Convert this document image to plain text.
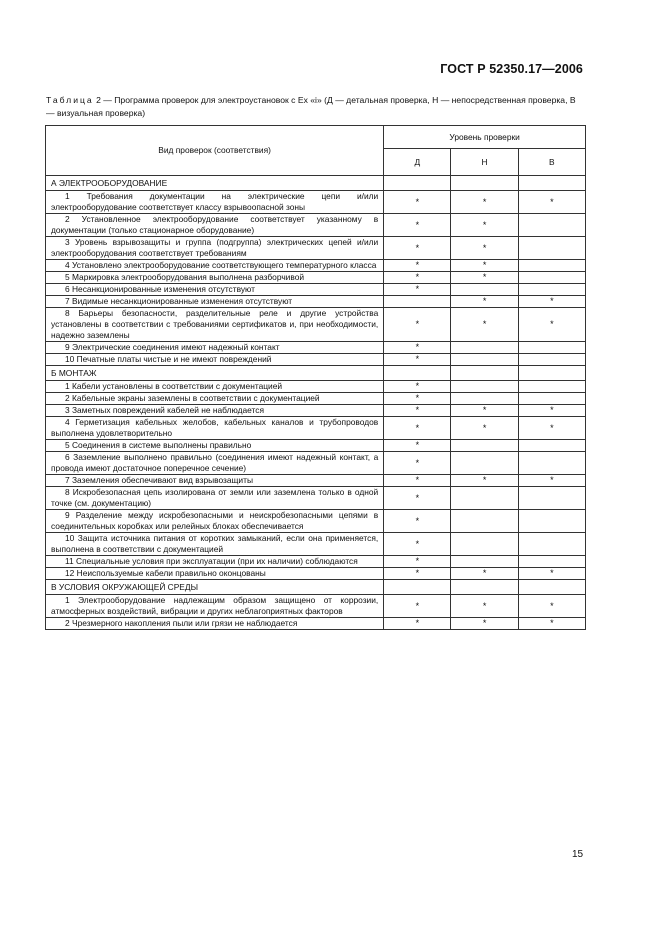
ГОСТ Р 52350.17—2006
Таблица 2 — Программа проверок для электроустановок с Ex «i» (Д — детальная проверка, Н — непосредственная проверка, В — визуальная проверка)
Вид проверок (соответствия)	Уровень проверки		
	Д	Н	В
А ЭЛЕКТРООБОРУДОВАНИЕ			
1 Требования документации на электрические цепи и/или электрооборудование соответствует классу взрывоопасной зоны	*	*	*
2 Установленное электрооборудование соответствует указанному в документации (только стационарное оборудование)	*	*	
3 Уровень взрывозащиты и группа (подгруппа) электрических цепей и/или электрооборудования соответствует требованиям	*	*	
4 Установлено электрооборудование соответствующего температурного класса	*	*	
5 Маркировка электрооборудования выполнена разборчивой	*	*	
6 Несанкционированные изменения отсутствуют	*		
7 Видимые несанкционированные изменения отсутствуют		*	*
8 Барьеры безопасности, разделительные реле и другие устройства установлены в соответствии с требованиями сертификатов и, при необходимости, надежно заземлены	*	*	*
9 Электрические соединения имеют надежный контакт	*		
10 Печатные платы чистые и не имеют повреждений	*		
Б МОНТАЖ			
1 Кабели установлены в соответствии с документацией	*		
2 Кабельные экраны заземлены в соответствии с документацией	*		
3 Заметных повреждений кабелей не наблюдается	*	*	*
4 Герметизация кабельных желобов, кабельных каналов и трубопроводов выполнена удовлетворительно	*	*	*
5 Соединения в системе выполнены правильно	*		
6 Заземление выполнено правильно (соединения имеют надежный контакт, а провода имеют достаточное поперечное сечение)	*		
7 Заземления обеспечивают вид взрывозащиты	*	*	*
8 Искробезопасная цепь изолирована от земли или заземлена только в одной точке (см. документацию)	*		
9 Разделение между искробезопасными и неискробезопасными цепями в соединительных коробках или релейных блоках обеспечивается	*		
10 Защита источника питания от коротких замыканий, если она применяется, выполнена в соответствии с документацией	*		
11 Специальные условия при эксплуатации (при их наличии) соблюдаются	*		
12 Неиспользуемые кабели правильно оконцованы	*	*	*
В УСЛОВИЯ ОКРУЖАЮЩЕЙ СРЕДЫ			
1 Электрооборудование надлежащим образом защищено от коррозии, атмосферных воздействий, вибрации и других неблагоприятных факторов	*	*	*
2 Чрезмерного накопления пыли или грязи не наблюдается	*	*	*
15
